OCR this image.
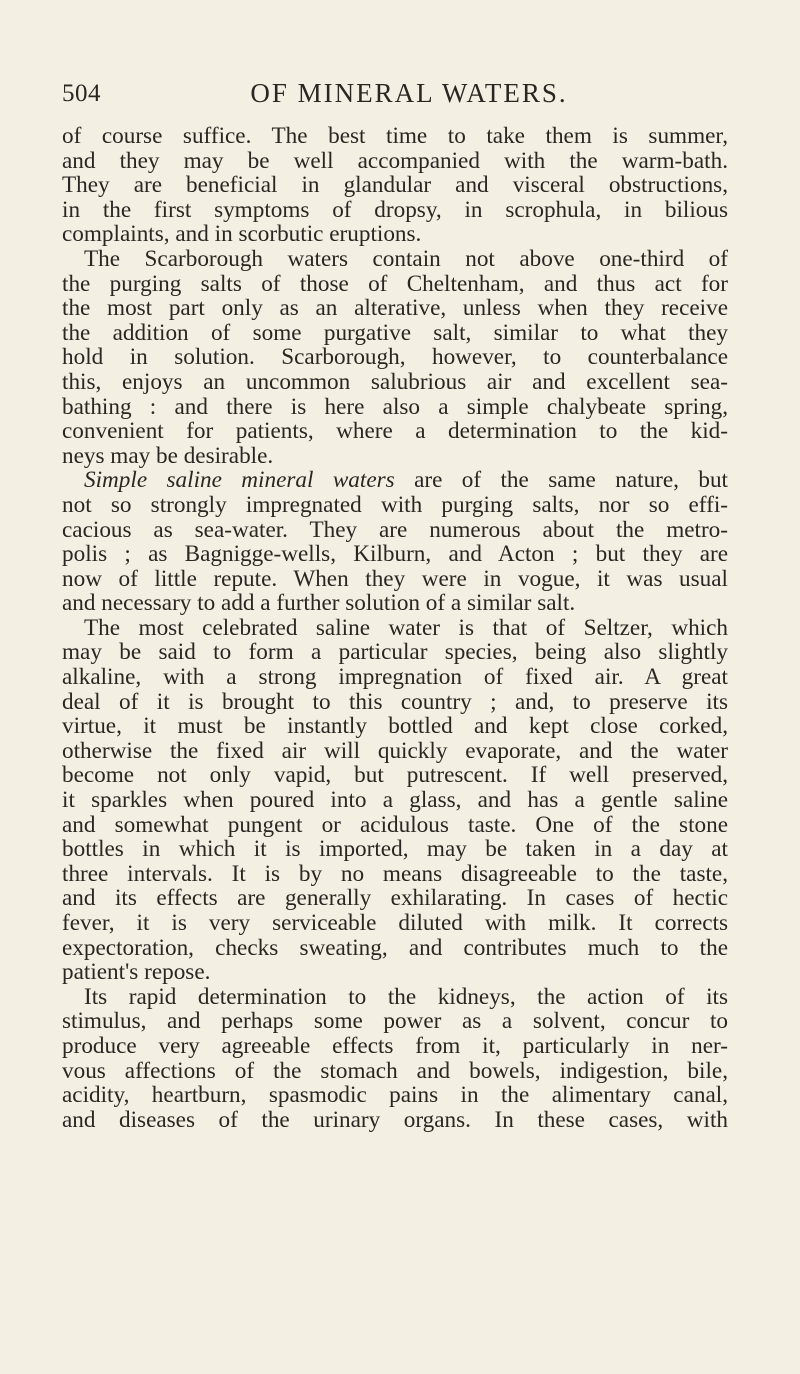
504	OF MINERAL WATERS.
of course suffice. The best time to take them is summer,
and they may be well accompanied with the warm-bath.
They are beneficial in glandular and visceral obstructions,
in the first symptoms of dropsy, in scrophula, in bilious
complaints, and in scorbutic eruptions.
The Scarborough waters contain not above one-third of
the purging salts of those of Cheltenham, and thus act for
the most part only as an alterative, unless when they receive
the addition of some purgative salt, similar to what they
hold in solution. Scarborough, however, to counterbalance
this, enjoys an uncommon salubrious air and excellent sea-
bathing : and there is here also a simple chalybeate spring,
convenient for patients, where a determination to the kid-
neys may be desirable.
Simple saline mineral waters are of the same nature, but
not so strongly impregnated with purging salts, nor so effi-
cacious as sea-water. They are numerous about the metro-
polis ; as Bagnigge-wells, Kilburn, and Acton ; but they are
now of little repute. When they were in vogue, it was usual
and necessary to add a further solution of a similar salt.
The most celebrated saline water is that of Seltzer, which
may be said to form a particular species, being also slightly
alkaline, with a strong impregnation of fixed air. A great
deal of it is brought to this country ; and, to preserve its
virtue, it must be instantly bottled and kept close corked,
otherwise the fixed air will quickly evaporate, and the water
become not only vapid, but putrescent. If well preserved,
it sparkles when poured into a glass, and has a gentle saline
and somewhat pungent or acidulous taste. One of the stone
bottles in which it is imported, may be taken in a day at
three intervals. It is by no means disagreeable to the taste,
and its effects are generally exhilarating. In cases of hectic
fever, it is very serviceable diluted with milk. It corrects
expectoration, checks sweating, and contributes much to the
patient's repose.
Its rapid determination to the kidneys, the action of its
stimulus, and perhaps some power as a solvent, concur to
produce very agreeable effects from it, particularly in ner-
vous affections of the stomach and bowels, indigestion, bile,
acidity, heartburn, spasmodic pains in the alimentary canal,
and diseases of the urinary organs. In these cases, with
